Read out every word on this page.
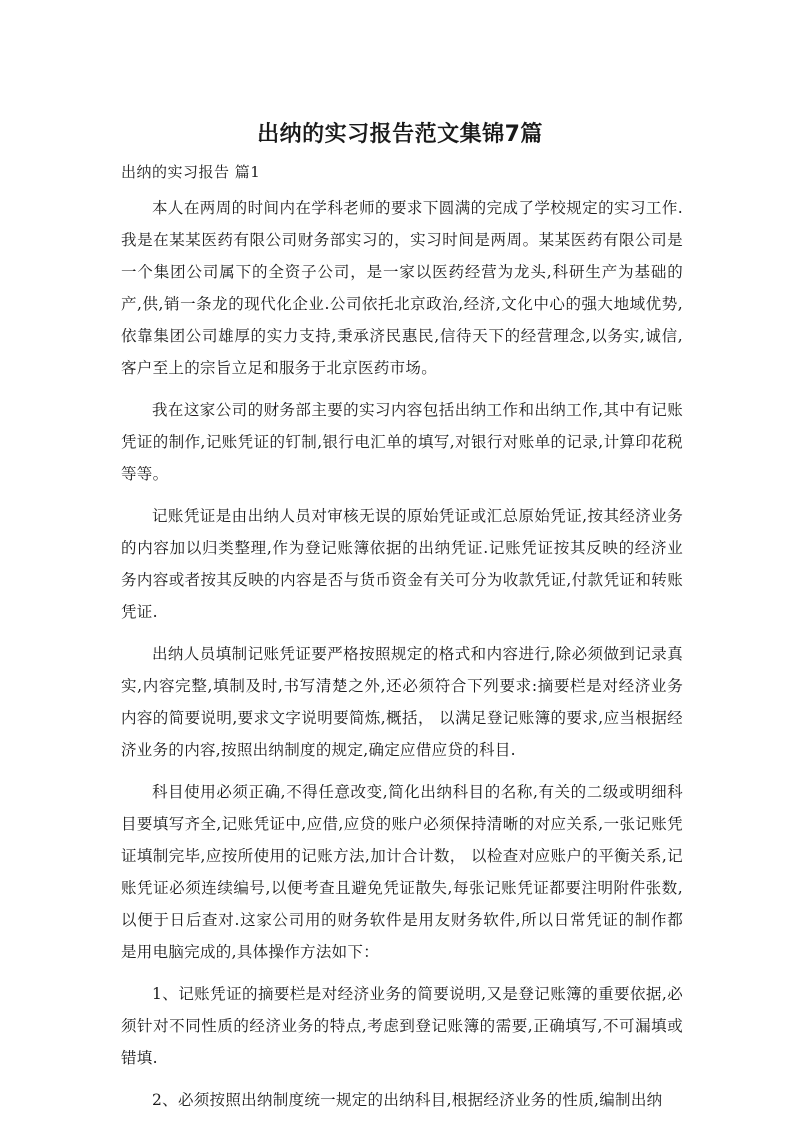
出纳的实习报告范文集锦7篇
出纳的实习报告 篇1

本人在两周的时间内在学科老师的要求下圆满的完成了学校规定的实习工作.我是在某某医药有限公司财务部实习的，实习时间是两周。某某医药有限公司是一个集团公司属下的全资子公司，是一家以医药经营为龙头,科研生产为基础的产,供,销一条龙的现代化企业.公司依托北京政治,经济,文化中心的强大地域优势,依靠集团公司雄厚的实力支持,秉承济民惠民,信待天下的经营理念,以务实,诚信,客户至上的宗旨立足和服务于北京医药市场。

我在这家公司的财务部主要的实习内容包括出纳工作和出纳工作,其中有记账凭证的制作,记账凭证的钉制,银行电汇单的填写,对银行对账单的记录,计算印花税等等。

记账凭证是由出纳人员对审核无误的原始凭证或汇总原始凭证,按其经济业务的内容加以归类整理,作为登记账簿依据的出纳凭证.记账凭证按其反映的经济业务内容或者按其反映的内容是否与货币资金有关可分为收款凭证,付款凭证和转账凭证.

出纳人员填制记账凭证要严格按照规定的格式和内容进行,除必须做到记录真实,内容完整,填制及时,书写清楚之外,还必须符合下列要求:摘要栏是对经济业务内容的简要说明,要求文字说明要简炼,概括， 以满足登记账簿的要求,应当根据经济业务的内容,按照出纳制度的规定,确定应借应贷的科目.

科目使用必须正确,不得任意改变,简化出纳科目的名称,有关的二级或明细科目要填写齐全,记账凭证中,应借,应贷的账户必须保持清晰的对应关系,一张记账凭证填制完毕,应按所使用的记账方法,加计合计数， 以检查对应账户的平衡关系,记账凭证必须连续编号,以便考查且避免凭证散失,每张记账凭证都要注明附件张数,以便于日后查对.这家公司用的财务软件是用友财务软件,所以日常凭证的制作都是用电脑完成的,具体操作方法如下：

1、记账凭证的摘要栏是对经济业务的简要说明,又是登记账簿的重要依据,必须针对不同性质的经济业务的特点,考虑到登记账簿的需要,正确填写,不可漏填或错填.

2、必须按照出纳制度统一规定的出纳科目,根据经济业务的性质,编制出纳
